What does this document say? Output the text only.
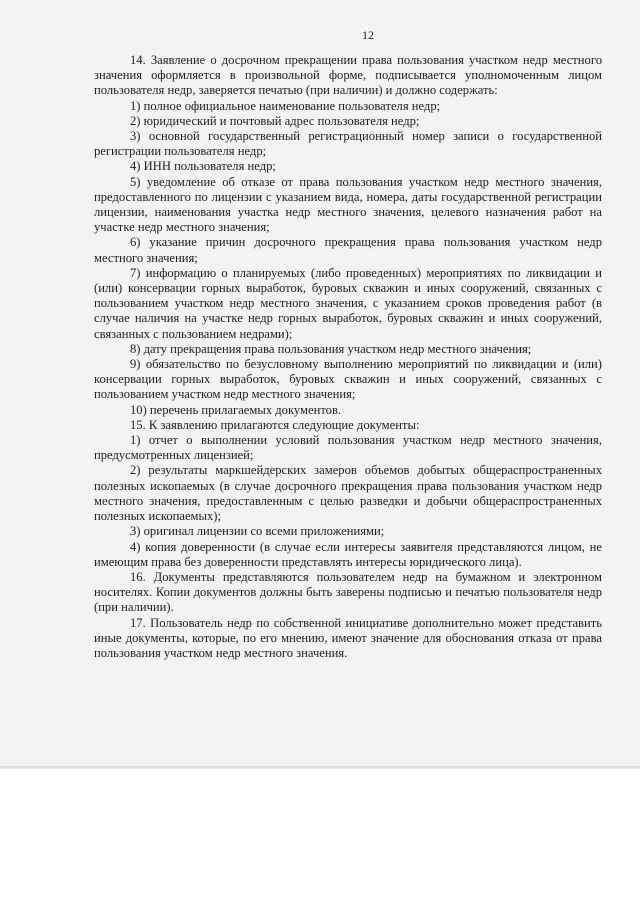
12

14. Заявление о досрочном прекращении права пользования участком недр местного значения оформляется в произвольной форме, подписывается уполномоченным лицом пользователя недр, заверяется печатью (при наличии) и должно содержать:

1) полное официальное наименование пользователя недр;

2) юридический и почтовый адрес пользователя недр;

3) основной государственный регистрационный номер записи о государственной регистрации пользователя недр;

4) ИНН пользователя недр;

5) уведомление об отказе от права пользования участком недр местного значения, предоставленного по лицензии с указанием вида, номера, даты государственной регистрации лицензии, наименования участка недр местного значения, целевого назначения работ на участке недр местного значения;

6) указание причин досрочного прекращения права пользования участком недр местного значения;

7) информацию о планируемых (либо проведенных) мероприятиях по ликвидации и (или) консервации горных выработок, буровых скважин и иных сооружений, связанных с пользованием участком недр местного значения, с указанием сроков проведения работ (в случае наличия на участке недр горных выработок, буровых скважин и иных сооружений, связанных с пользованием недрами);

8) дату прекращения права пользования участком недр местного значения;

9) обязательство по безусловному выполнению мероприятий по ликвидации и (или) консервации горных выработок, буровых скважин и иных сооружений, связанных с пользованием участком недр местного значения;

10) перечень прилагаемых документов.

15. К заявлению прилагаются следующие документы:

1) отчет о выполнении условий пользования участком недр местного значения, предусмотренных лицензией;

2) результаты маркшейдерских замеров объемов добытых общераспространенных полезных ископаемых (в случае досрочного прекращения права пользования участком недр местного значения, предоставленным с целью разведки и добычи общераспространенных полезных ископаемых);

3) оригинал лицензии со всеми приложениями;

4) копия доверенности (в случае если интересы заявителя представляются лицом, не имеющим права без доверенности представлять интересы юридического лица).

16. Документы представляются пользователем недр на бумажном и электронном носителях. Копии документов должны быть заверены подписью и печатью пользователя недр (при наличии).

17. Пользователь недр по собственной инициативе дополнительно может представить иные документы, которые, по его мнению, имеют значение для обоснования отказа от права пользования участком недр местного значения.
